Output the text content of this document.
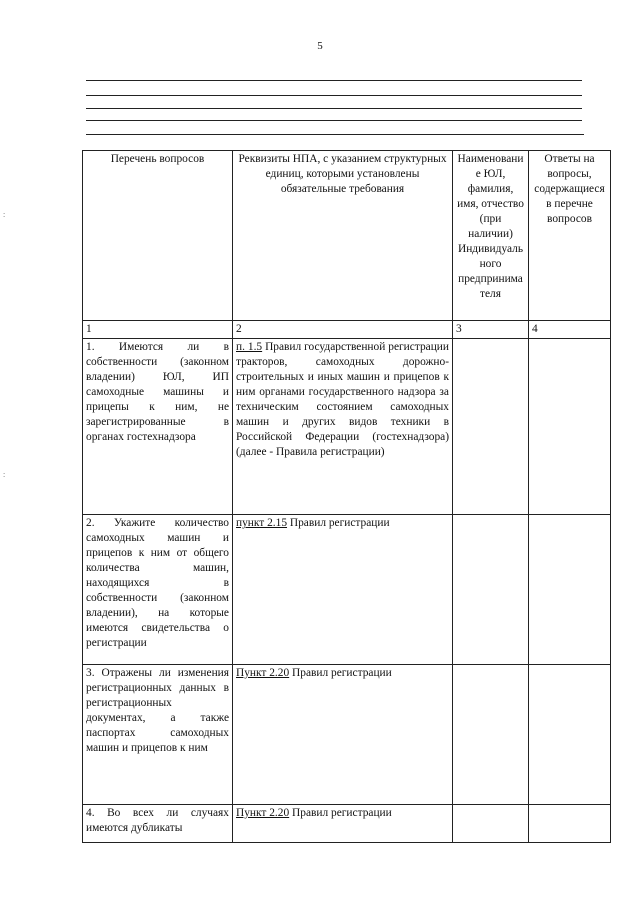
5
:
:
Перечень вопросов	Реквизиты НПА, с указанием структурных единиц, которыми установлены обязательные требования	Наименование ЮЛ, фамилия, имя, отчество (при наличии) Индивидуального предпринимателя	Ответы на вопросы, содержащиеся в перечне вопросов
1	2	3	4
1. Имеются ли в собственности (законном владении) ЮЛ, ИП самоходные машины и прицепы к ним, не зарегистрированные в органах гостехнадзора	п. 1.5 Правил государственной регистрации тракторов, самоходных дорожно-строительных и иных машин и прицепов к ним органами государственного надзора за техническим состоянием самоходных машин и других видов техники в Российской Федерации (гостехнадзора) (далее - Правила регистрации)		
2. Укажите количество самоходных машин и прицепов к ним от общего количества машин, находящихся в собственности (законном владении), на которые имеются свидетельства о регистрации	пункт 2.15 Правил регистрации		
3. Отражены ли изменения регистрационных данных в регистрационных документах, а также паспортах самоходных машин и прицепов к ним	Пункт 2.20 Правил регистрации		
4. Во всех ли случаях имеются дубликаты	Пункт 2.20 Правил регистрации		
